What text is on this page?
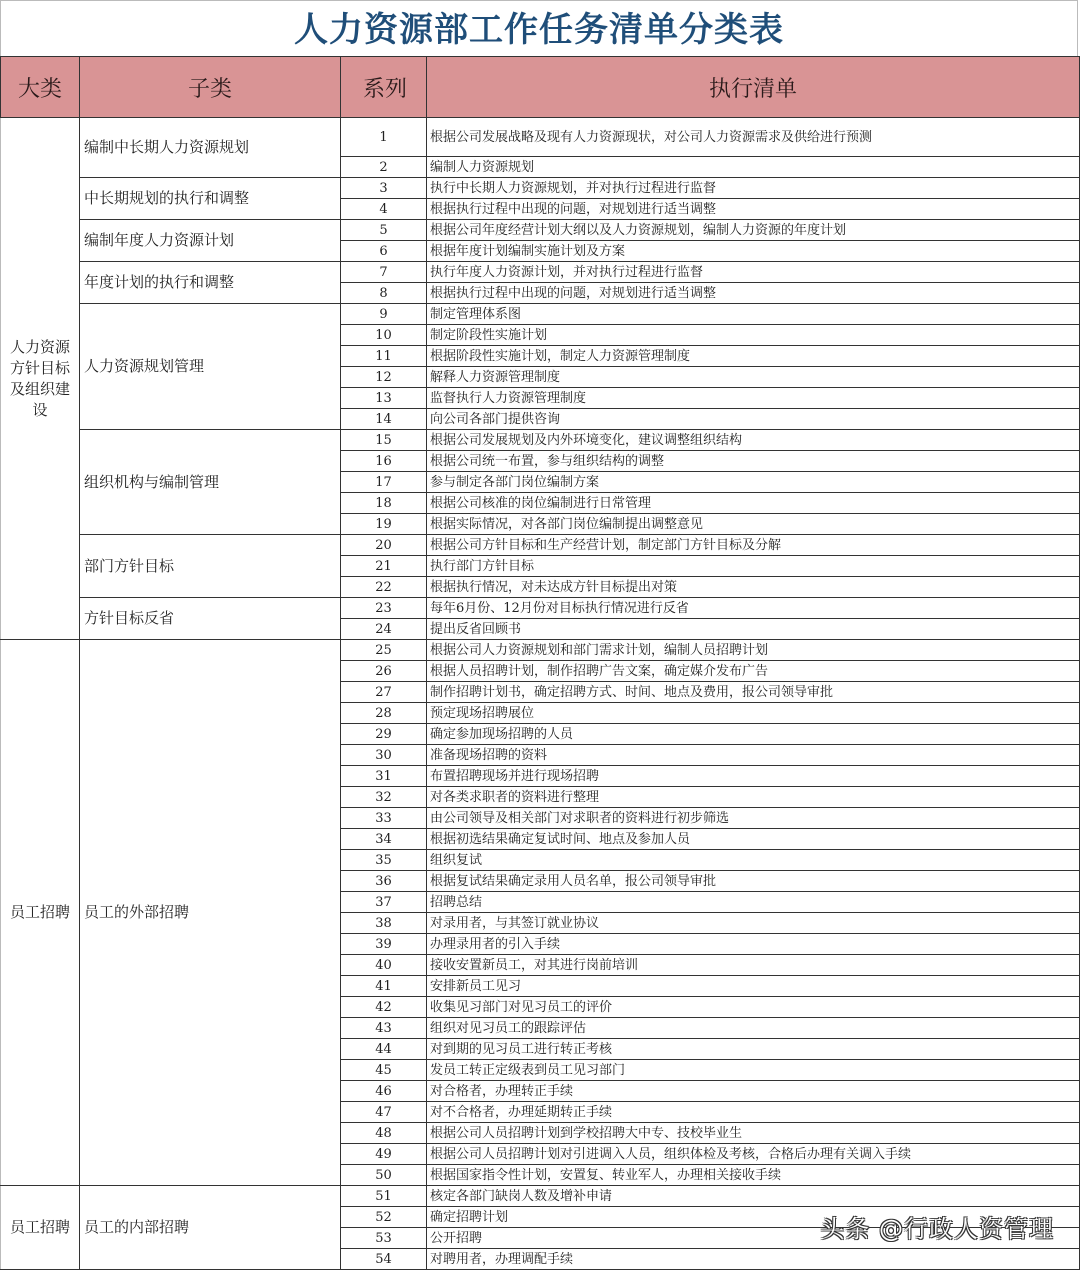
人力资源部工作任务清单分类表
大类	子类	系列	执行清单
人力资源方针目标及组织建设	编制中长期人力资源规划	1	根据公司发展战略及现有人力资源现状，对公司人力资源需求及供给进行预测
		2	编制人力资源规划
	中长期规划的执行和调整	3	执行中长期人力资源规划，并对执行过程进行监督
		4	根据执行过程中出现的问题，对规划进行适当调整
	编制年度人力资源计划	5	根据公司年度经营计划大纲以及人力资源规划，编制人力资源的年度计划
		6	根据年度计划编制实施计划及方案
	年度计划的执行和调整	7	执行年度人力资源计划，并对执行过程进行监督
		8	根据执行过程中出现的问题，对规划进行适当调整
	人力资源规划管理	9	制定管理体系图
		10	制定阶段性实施计划
		11	根据阶段性实施计划，制定人力资源管理制度
		12	解释人力资源管理制度
		13	监督执行人力资源管理制度
		14	向公司各部门提供咨询
	组织机构与编制管理	15	根据公司发展规划及内外环境变化，建议调整组织结构
		16	根据公司统一布置，参与组织结构的调整
		17	参与制定各部门岗位编制方案
		18	根据公司核准的岗位编制进行日常管理
		19	根据实际情况，对各部门岗位编制提出调整意见
	部门方针目标	20	根据公司方针目标和生产经营计划，制定部门方针目标及分解
		21	执行部门方针目标
		22	根据执行情况，对未达成方针目标提出对策
	方针目标反省	23	每年6月份、12月份对目标执行情况进行反省
		24	提出反省回顾书
员工招聘	员工的外部招聘	25	根据公司人力资源规划和部门需求计划，编制人员招聘计划
		26	根据人员招聘计划，制作招聘广告文案，确定媒介发布广告
		27	制作招聘计划书，确定招聘方式、时间、地点及费用，报公司领导审批
		28	预定现场招聘展位
		29	确定参加现场招聘的人员
		30	准备现场招聘的资料
		31	布置招聘现场并进行现场招聘
		32	对各类求职者的资料进行整理
		33	由公司领导及相关部门对求职者的资料进行初步筛选
		34	根据初选结果确定复试时间、地点及参加人员
		35	组织复试
		36	根据复试结果确定录用人员名单，报公司领导审批
		37	招聘总结
		38	对录用者，与其签订就业协议
		39	办理录用者的引入手续
		40	接收安置新员工，对其进行岗前培训
		41	安排新员工见习
		42	收集见习部门对见习员工的评价
		43	组织对见习员工的跟踪评估
		44	对到期的见习员工进行转正考核
		45	发员工转正定级表到员工见习部门
		46	对合格者，办理转正手续
		47	对不合格者，办理延期转正手续
		48	根据公司人员招聘计划到学校招聘大中专、技校毕业生
		49	根据公司人员招聘计划对引进调入人员，组织体检及考核，合格后办理有关调入手续
		50	根据国家指令性计划，安置复、转业军人，办理相关接收手续
员工招聘	员工的内部招聘	51	核定各部门缺岗人数及增补申请
		52	确定招聘计划
		53	公开招聘
		54	对聘用者，办理调配手续
头条 @行政人资管理
